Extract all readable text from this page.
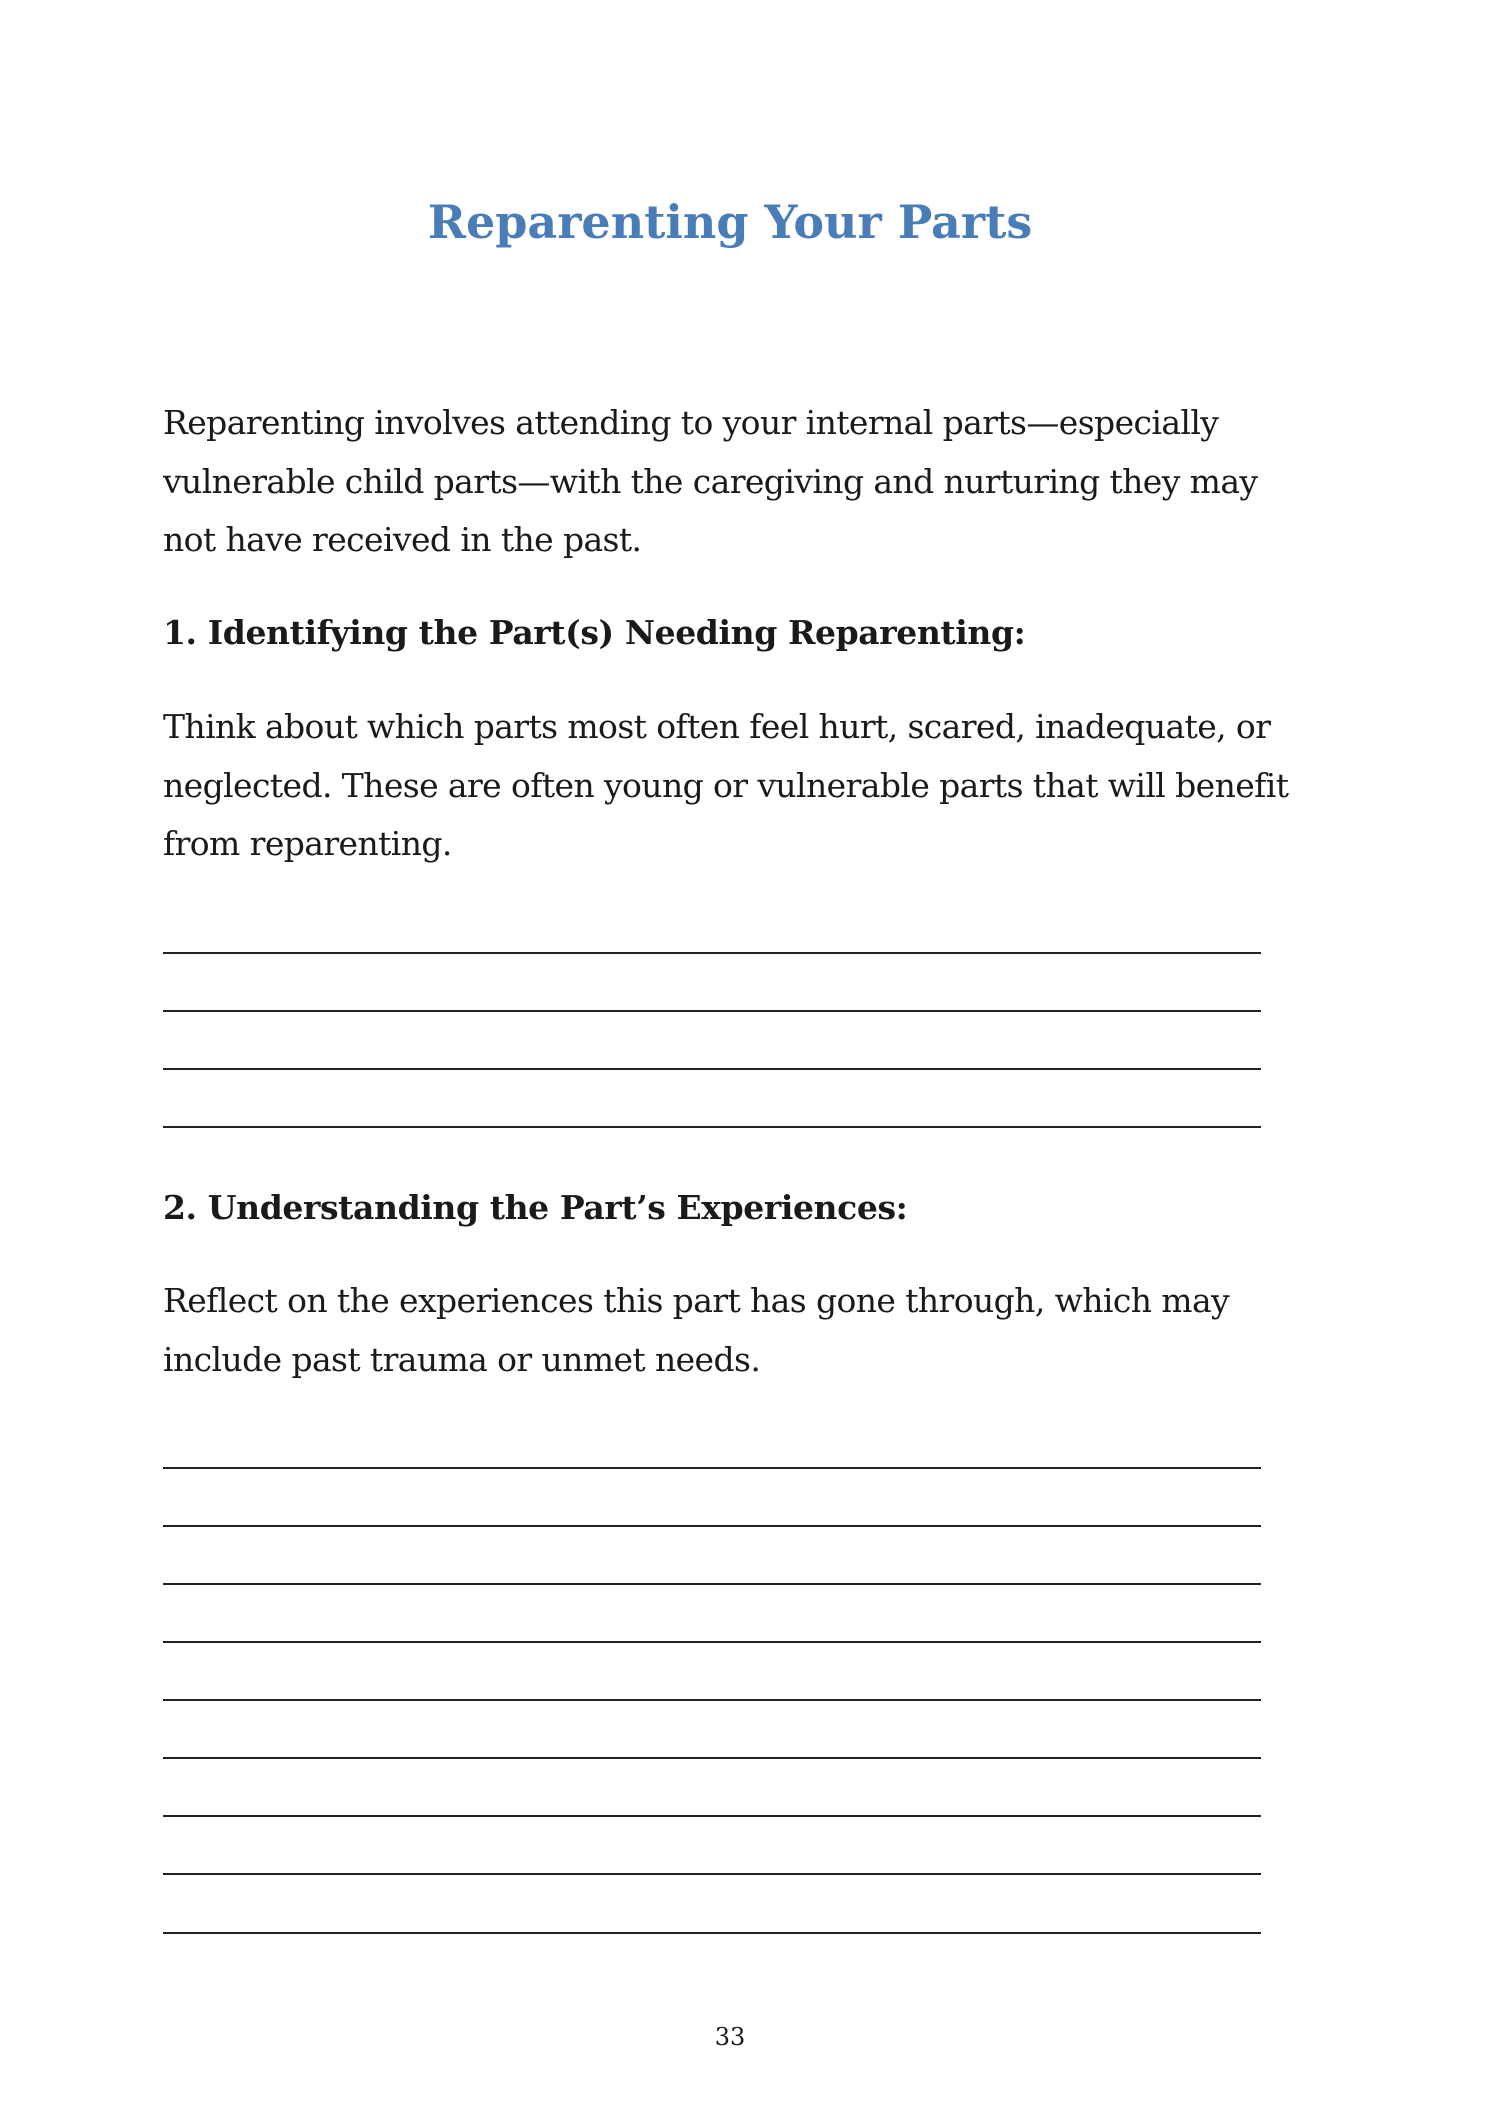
Reparenting Your Parts

Reparenting involves attending to your internal parts—especially vulnerable child parts—with the caregiving and nurturing they may not have received in the past.

1. Identifying the Part(s) Needing Reparenting:

Think about which parts most often feel hurt, scared, inadequate, or neglected. These are often young or vulnerable parts that will benefit from reparenting.

2. Understanding the Part’s Experiences:

Reflect on the experiences this part has gone through, which may include past trauma or unmet needs.

33
